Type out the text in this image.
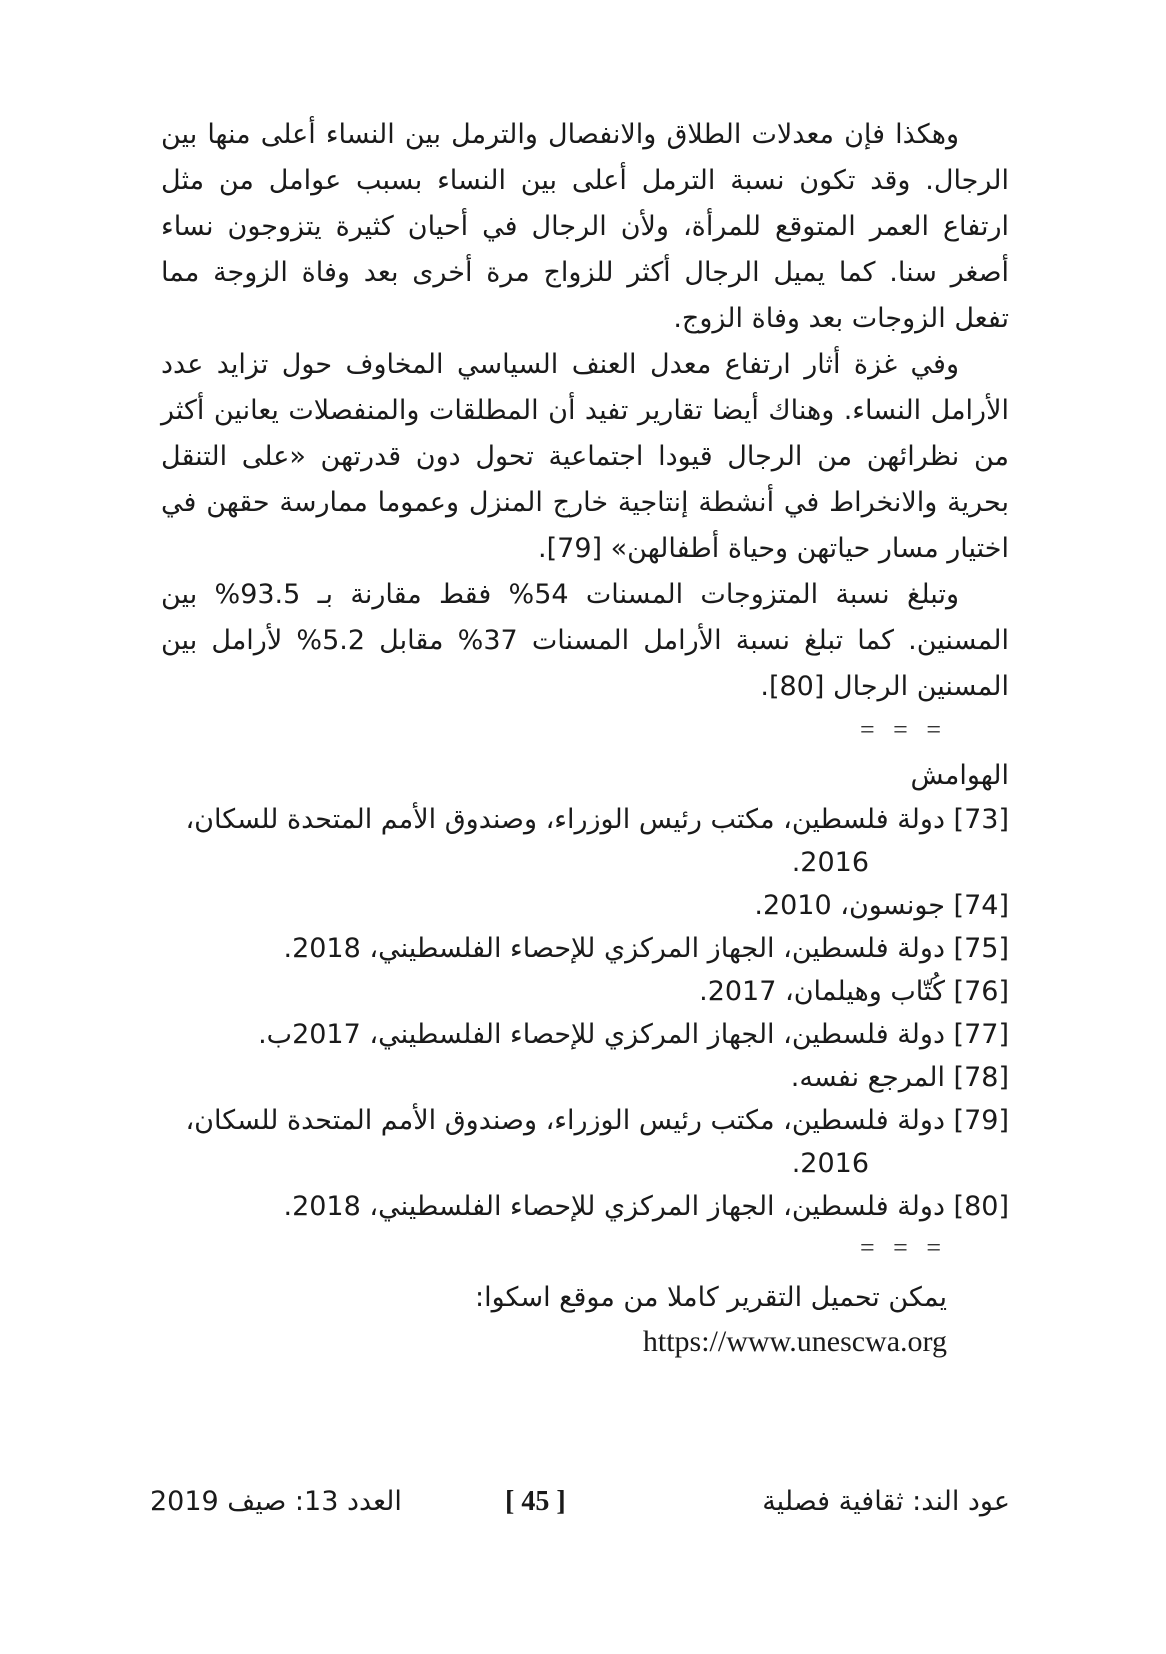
وهكذا فإن معدلات الطلاق والانفصال والترمل بين النساء أعلى منها بين الرجال. وقد تكون نسبة الترمل أعلى بين النساء بسبب عوامل من مثل ارتفاع العمر المتوقع للمرأة، ولأن الرجال في أحيان كثيرة يتزوجون نساء أصغر سنا. كما يميل الرجال أكثر للزواج مرة أخرى بعد وفاة الزوجة مما تفعل الزوجات بعد وفاة الزوج.

وفي غزة أثار ارتفاع معدل العنف السياسي المخاوف حول تزايد عدد الأرامل النساء. وهناك أيضا تقارير تفيد أن المطلقات والمنفصلات يعانين أكثر من نظرائهن من الرجال قيودا اجتماعية تحول دون قدرتهن «على التنقل بحرية والانخراط في أنشطة إنتاجية خارج المنزل وعموما ممارسة حقهن في اختيار مسار حياتهن وحياة أطفالهن» [79].

وتبلغ نسبة المتزوجات المسنات 54% فقط مقارنة بـ 93.5% بين المسنين. كما تبلغ نسبة الأرامل المسنات 37% مقابل 5.2% لأرامل بين المسنين الرجال [80].

= = =
الهوامش
[73] دولة فلسطين، مكتب رئيس الوزراء، وصندوق الأمم المتحدة للسكان،
2016.
[74] جونسون، 2010.
[75] دولة فلسطين، الجهاز المركزي للإحصاء الفلسطيني، 2018.
[76] كُتّاب وهيلمان، 2017.
[77] دولة فلسطين، الجهاز المركزي للإحصاء الفلسطيني، 2017ب.
[78] المرجع نفسه.
[79] دولة فلسطين، مكتب رئيس الوزراء، وصندوق الأمم المتحدة للسكان،
2016.
[80] دولة فلسطين، الجهاز المركزي للإحصاء الفلسطيني، 2018.
= = =
يمكن تحميل التقرير كاملا من موقع اسكوا:
https://www.unescwa.org
عود الند: ثقافية فصلية
[ 45 ]
العدد 13: صيف 2019
